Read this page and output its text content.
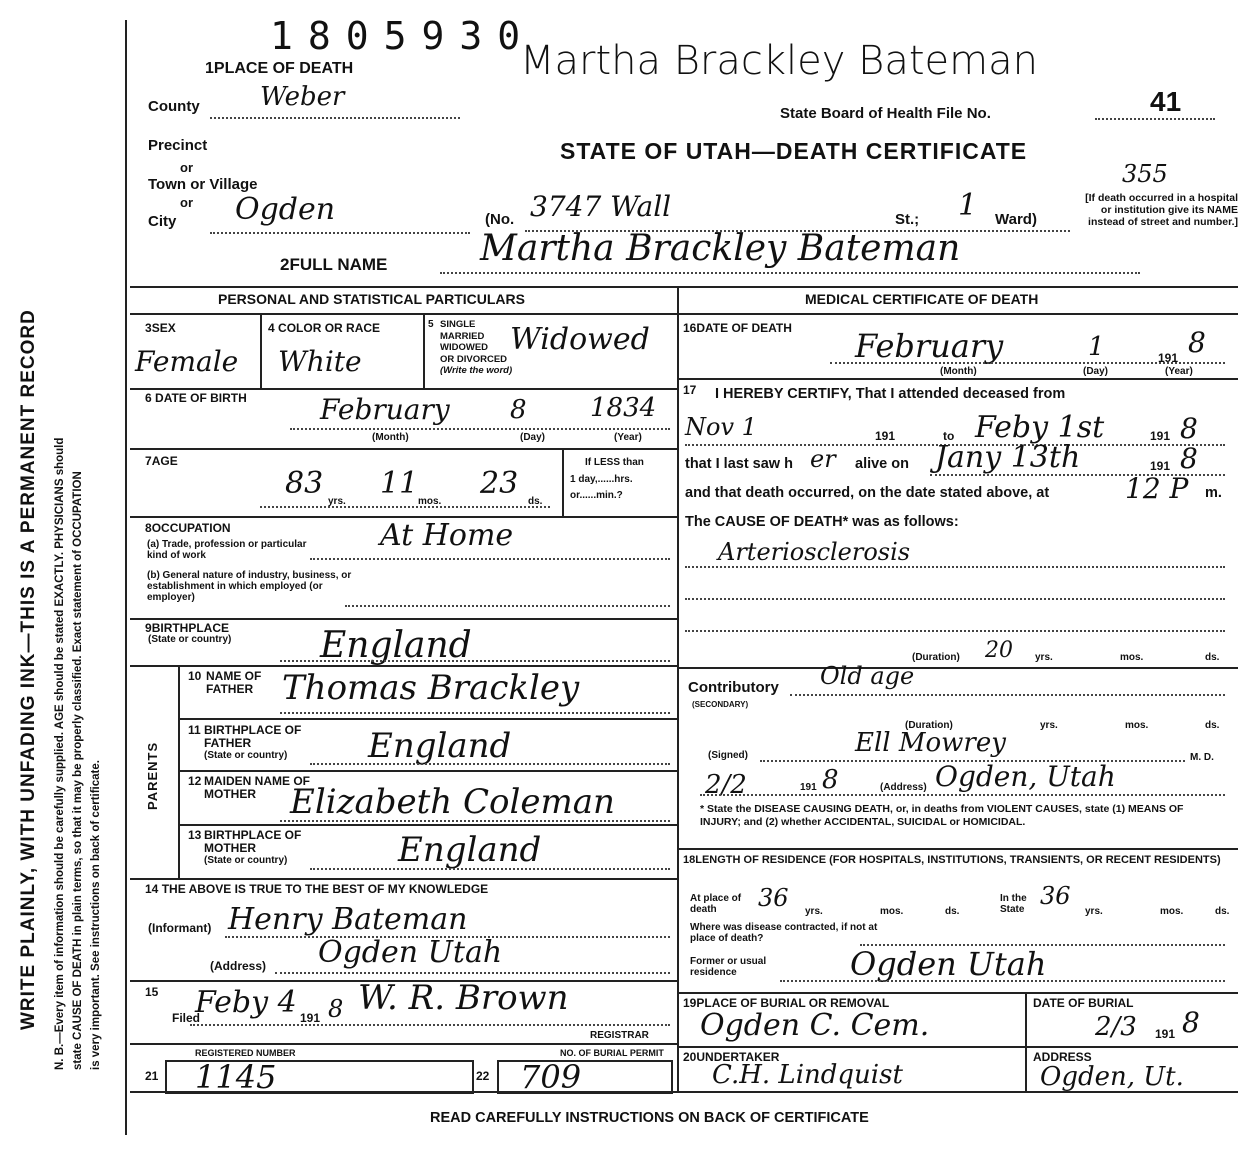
WRITE PLAINLY, WITH UNFADING INK—THIS IS A PERMANENT RECORD N. B.—Every item of information should be carefully supplied. AGE should be stated EXACTLY. PHYSICIANS should state CAUSE OF DEATH in plain terms, so that it may be properly classified. Exact statement of OCCUPATION is very important. See instructions on back of certificate.
1805930
Martha Brackley Bateman
1PLACE OF DEATH
County Weber
State Board of Health File No.	41
Precinct
or
Town or Village
or
City
STATE OF UTAH—DEATH CERTIFICATE
355
[If death occurred in a hospital or institution give its NAME instead of street and number.]
Ogden	(No. 3747 Wall	St.; 1 Ward)
2FULL NAME	Martha Brackley Bateman
PERSONAL AND STATISTICAL PARTICULARS
3SEX
Female
4 COLOR OR RACE
White
5 SINGLE
MARRIED
WIDOWED
OR DIVORCED
(Write the word)
Widowed
6 DATE OF BIRTH	February 8 1834
(Month)	(Day)	(Year)
7AGE
83
yrs.
11
mos.
23
ds.
If LESS than
1 day,......hrs.
or......min.?
8OCCUPATION
(a) Trade, profession or particular kind of work
At Home
(b) General nature of industry, business, or establishment in which employed (or employer)
9BIRTHPLACE
(State or country) England
PARENTS
10 NAME OF FATHER Thomas Brackley
11 BIRTHPLACE OF FATHER
(State or country) England
12 MAIDEN NAME OF MOTHER	Elizabeth Coleman
13 BIRTHPLACE OF MOTHER
(State or country)	England
14 THE ABOVE IS TRUE TO THE BEST OF MY KNOWLEDGE
(Informant) Henry Bateman
(Address) Ogden Utah
15
Filed
Feby 4 191 8 W. R. Brown
REGISTRAR
REGISTERED NUMBER	NO. OF BURIAL PERMIT
21 1145	22 709
MEDICAL CERTIFICATE OF DEATH
16DATE OF DEATH February	1	191 8
(Month)	(Day)	(Year)
17 I HEREBY CERTIFY, That I attended deceased from
Nov 1	191	to Feby 1st	191 8
that I last saw h er alive on Jany 13th	191 8
and that death occurred, on the date stated above, at	12 P m.
The CAUSE OF DEATH* was as follows:
Arteriosclerosis
(Duration) 20 yrs.	mos.	ds.
Contributory
(SECONDARY)
Old age
(Duration)	yrs.	mos.	ds.
(Signed)	Ell Mowrey	M. D.
2/2	191 8	(Address) Ogden, Utah
* State the DISEASE CAUSING DEATH, or, in deaths from VIOLENT CAUSES, state (1) MEANS OF INJURY; and (2) whether ACCIDENTAL, SUICIDAL or HOMICIDAL.
18LENGTH OF RESIDENCE (FOR HOSPITALS, INSTITUTIONS, TRANSIENTS, OR RECENT RESIDENTS)
At place of death	36 yrs.	mos.	ds.
In the State 36
yrs.	mos.	ds.
Where was disease contracted, if not at place of death?
Former or usual residence	Ogden Utah
19PLACE OF BURIAL OR REMOVAL
Ogden C. Cem.
DATE OF BURIAL
2/3 191 8
20UNDERTAKER
C.H. Lindquist
ADDRESS
Ogden, Ut.
READ CAREFULLY INSTRUCTIONS ON BACK OF CERTIFICATE
